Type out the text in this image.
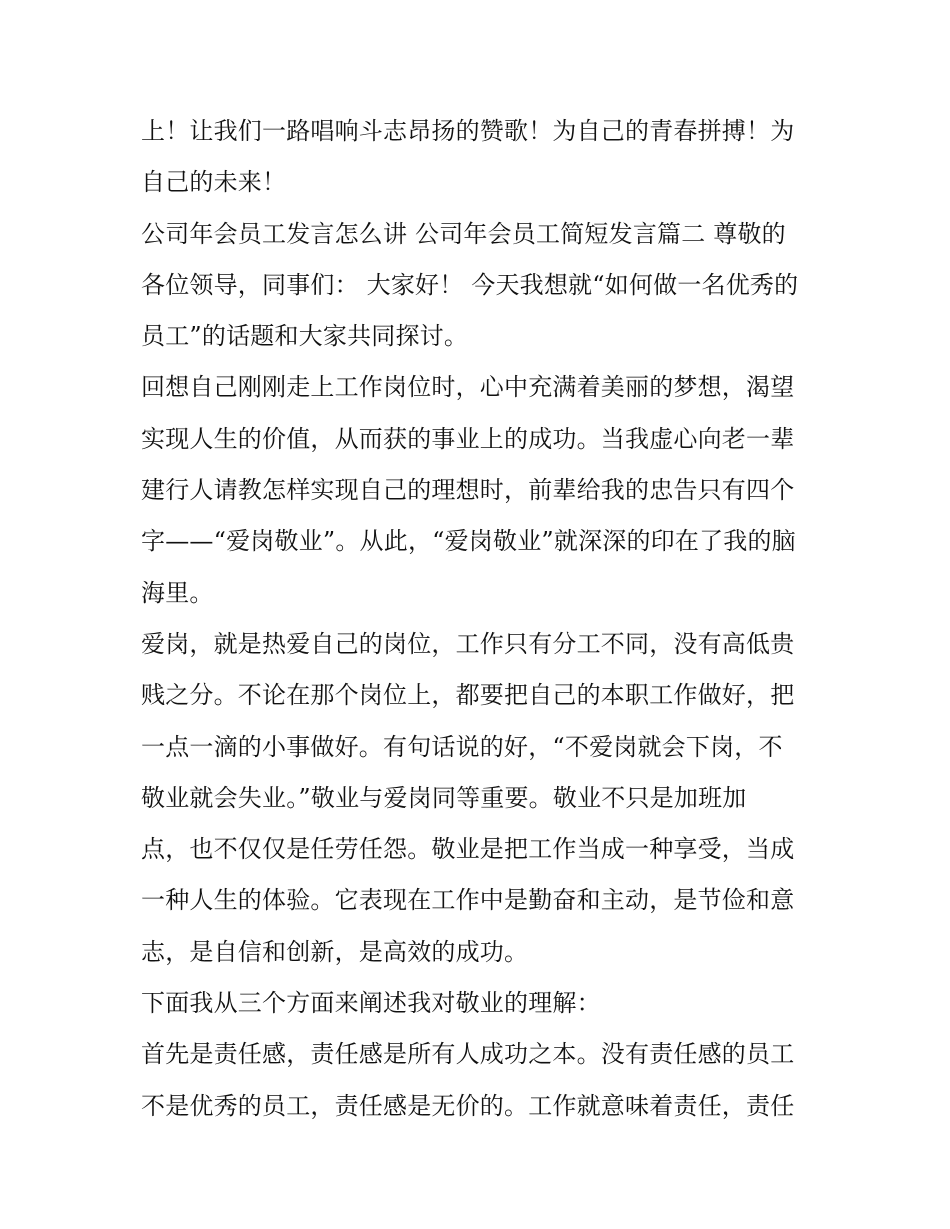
上！让我们一路唱响斗志昂扬的赞歌！为自己的青春拼搏！为
自己的未来！
公司年会员工发言怎么讲 公司年会员工简短发言篇二 尊敬的
各位领导，同事们： 大家好！ 今天我想就“如何做一名优秀的
员工”的话题和大家共同探讨。
回想自己刚刚走上工作岗位时，心中充满着美丽的梦想，渴望
实现人生的价值，从而获的事业上的成功。当我虚心向老一辈
建行人请教怎样实现自己的理想时，前辈给我的忠告只有四个
字——“爱岗敬业”。从此，“爱岗敬业”就深深的印在了我的脑
海里。
爱岗，就是热爱自己的岗位，工作只有分工不同，没有高低贵
贱之分。不论在那个岗位上，都要把自己的本职工作做好，把
一点一滴的小事做好。有句话说的好，“不爱岗就会下岗，不
敬业就会失业。”敬业与爱岗同等重要。敬业不只是加班加
点，也不仅仅是任劳任怨。敬业是把工作当成一种享受，当成
一种人生的体验。它表现在工作中是勤奋和主动，是节俭和意
志，是自信和创新，是高效的成功。
下面我从三个方面来阐述我对敬业的理解：
首先是责任感，责任感是所有人成功之本。没有责任感的员工
不是优秀的员工，责任感是无价的。工作就意味着责任，责任
